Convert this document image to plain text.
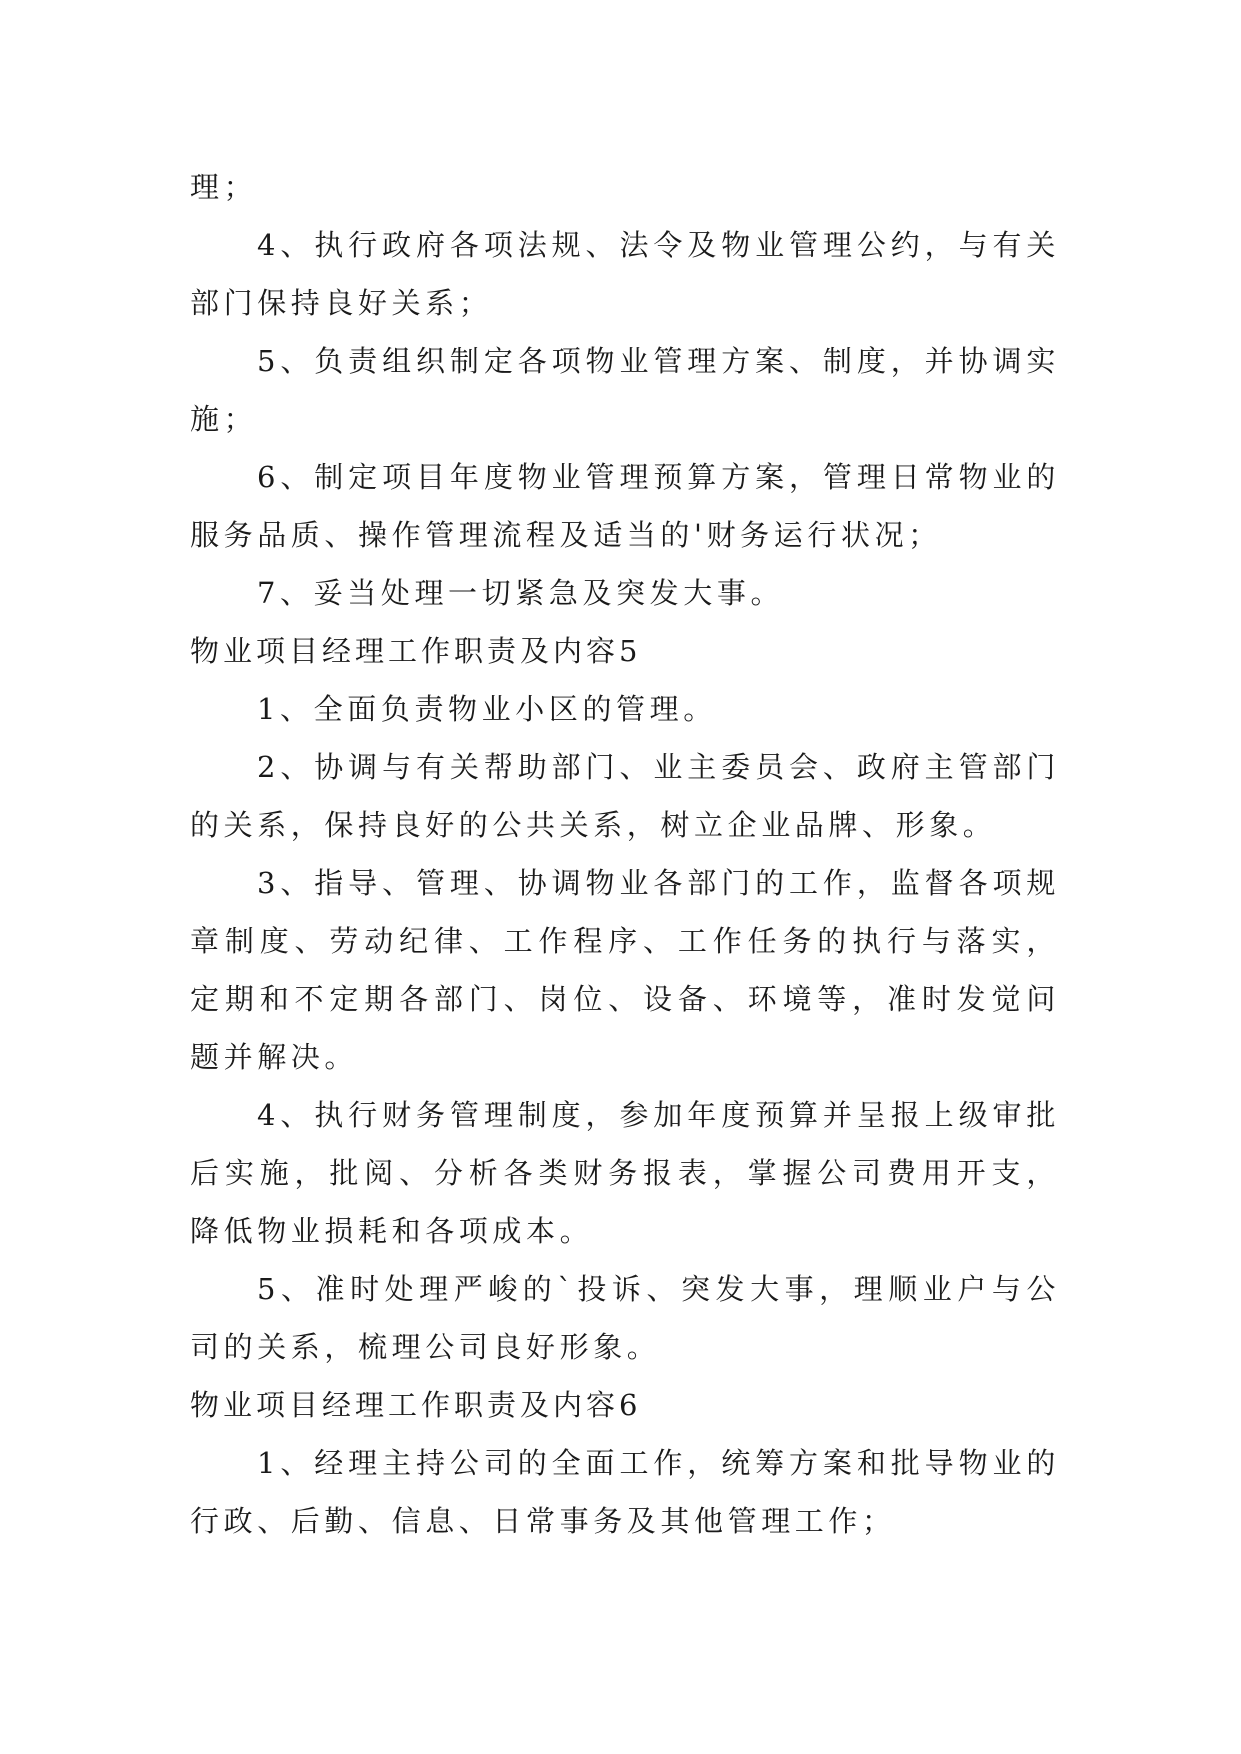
理；

4、执行政府各项法规、法令及物业管理公约，与有关部门保持良好关系；

5、负责组织制定各项物业管理方案、制度，并协调实施；

6、制定项目年度物业管理预算方案，管理日常物业的服务品质、操作管理流程及适当的'财务运行状况；

7、妥当处理一切紧急及突发大事。

物业项目经理工作职责及内容5

1、全面负责物业小区的管理。

2、协调与有关帮助部门、业主委员会、政府主管部门的关系，保持良好的公共关系，树立企业品牌、形象。

3、指导、管理、协调物业各部门的工作，监督各项规章制度、劳动纪律、工作程序、工作任务的执行与落实，定期和不定期各部门、岗位、设备、环境等，准时发觉问题并解决。

4、执行财务管理制度，参加年度预算并呈报上级审批后实施，批阅、分析各类财务报表，掌握公司费用开支，降低物业损耗和各项成本。

5、准时处理严峻的`投诉、突发大事，理顺业户与公司的关系，梳理公司良好形象。

物业项目经理工作职责及内容6

1、经理主持公司的全面工作，统筹方案和批导物业的行政、后勤、信息、日常事务及其他管理工作；
